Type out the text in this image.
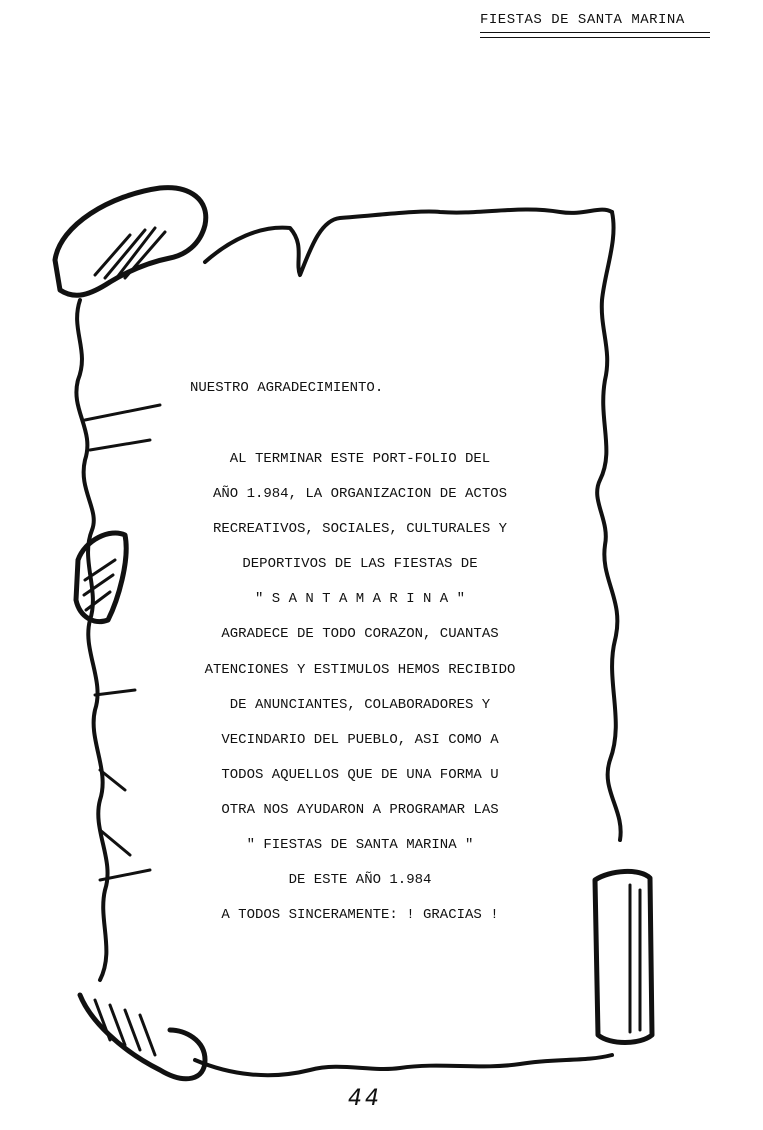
FIESTAS DE SANTA MARINA
NUESTRO AGRADECIMIENTO.
AL TERMINAR ESTE PORT-FOLIO DEL
AÑO 1.984, LA ORGANIZACION DE ACTOS
RECREATIVOS, SOCIALES, CULTURALES Y
DEPORTIVOS DE LAS FIESTAS DE
" S A N T A M A R I N A "
AGRADECE DE TODO CORAZON, CUANTAS
ATENCIONES Y ESTIMULOS HEMOS RECIBIDO
DE ANUNCIANTES, COLABORADORES Y
VECINDARIO DEL PUEBLO, ASI COMO A
TODOS AQUELLOS QUE DE UNA FORMA U
OTRA NOS AYUDARON A PROGRAMAR LAS
" FIESTAS DE SANTA MARINA "
DE ESTE AÑO 1.984
A TODOS SINCERAMENTE: ! GRACIAS !
44
